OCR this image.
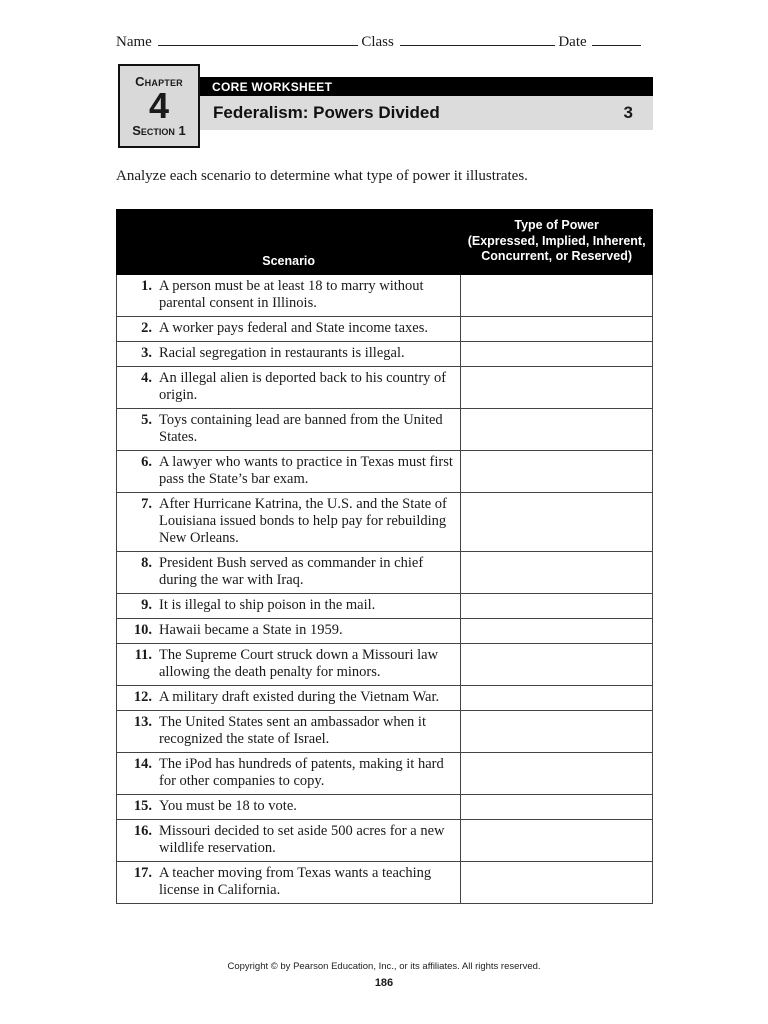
Name	Class	Date
Chapter
4
Section 1
CORE WORKSHEET
Federalism: Powers Divided	3
Analyze each scenario to determine what type of power it illustrates.
Scenario	Type of Power
(Expressed, Implied, Inherent,
Concurrent, or Reserved)

1. A person must be at least 18 to marry without parental consent in Illinois.	

2. A worker pays federal and State income taxes.	

3. Racial segregation in restaurants is illegal.	

4. An illegal alien is deported back to his country of origin.	

5. Toys containing lead are banned from the United States.	

6. A lawyer who wants to practice in Texas must first pass the State’s bar exam.	

7. After Hurricane Katrina, the U.S. and the State of Louisiana issued bonds to help pay for rebuilding New Orleans.	

8. President Bush served as commander in chief during the war with Iraq.	

9. It is illegal to ship poison in the mail.	

10. Hawaii became a State in 1959.	

11. The Supreme Court struck down a Missouri law allowing the death penalty for minors.	

12. A military draft existed during the Vietnam War.	

13. The United States sent an ambassador when it recognized the state of Israel.	

14. The iPod has hundreds of patents, making it hard for other companies to copy.	

15. You must be 18 to vote.	

16. Missouri decided to set aside 500 acres for a new wildlife reservation.	

17. A teacher moving from Texas wants a teaching license in California.	

Copyright © by Pearson Education, Inc., or its affiliates. All rights reserved.
186
